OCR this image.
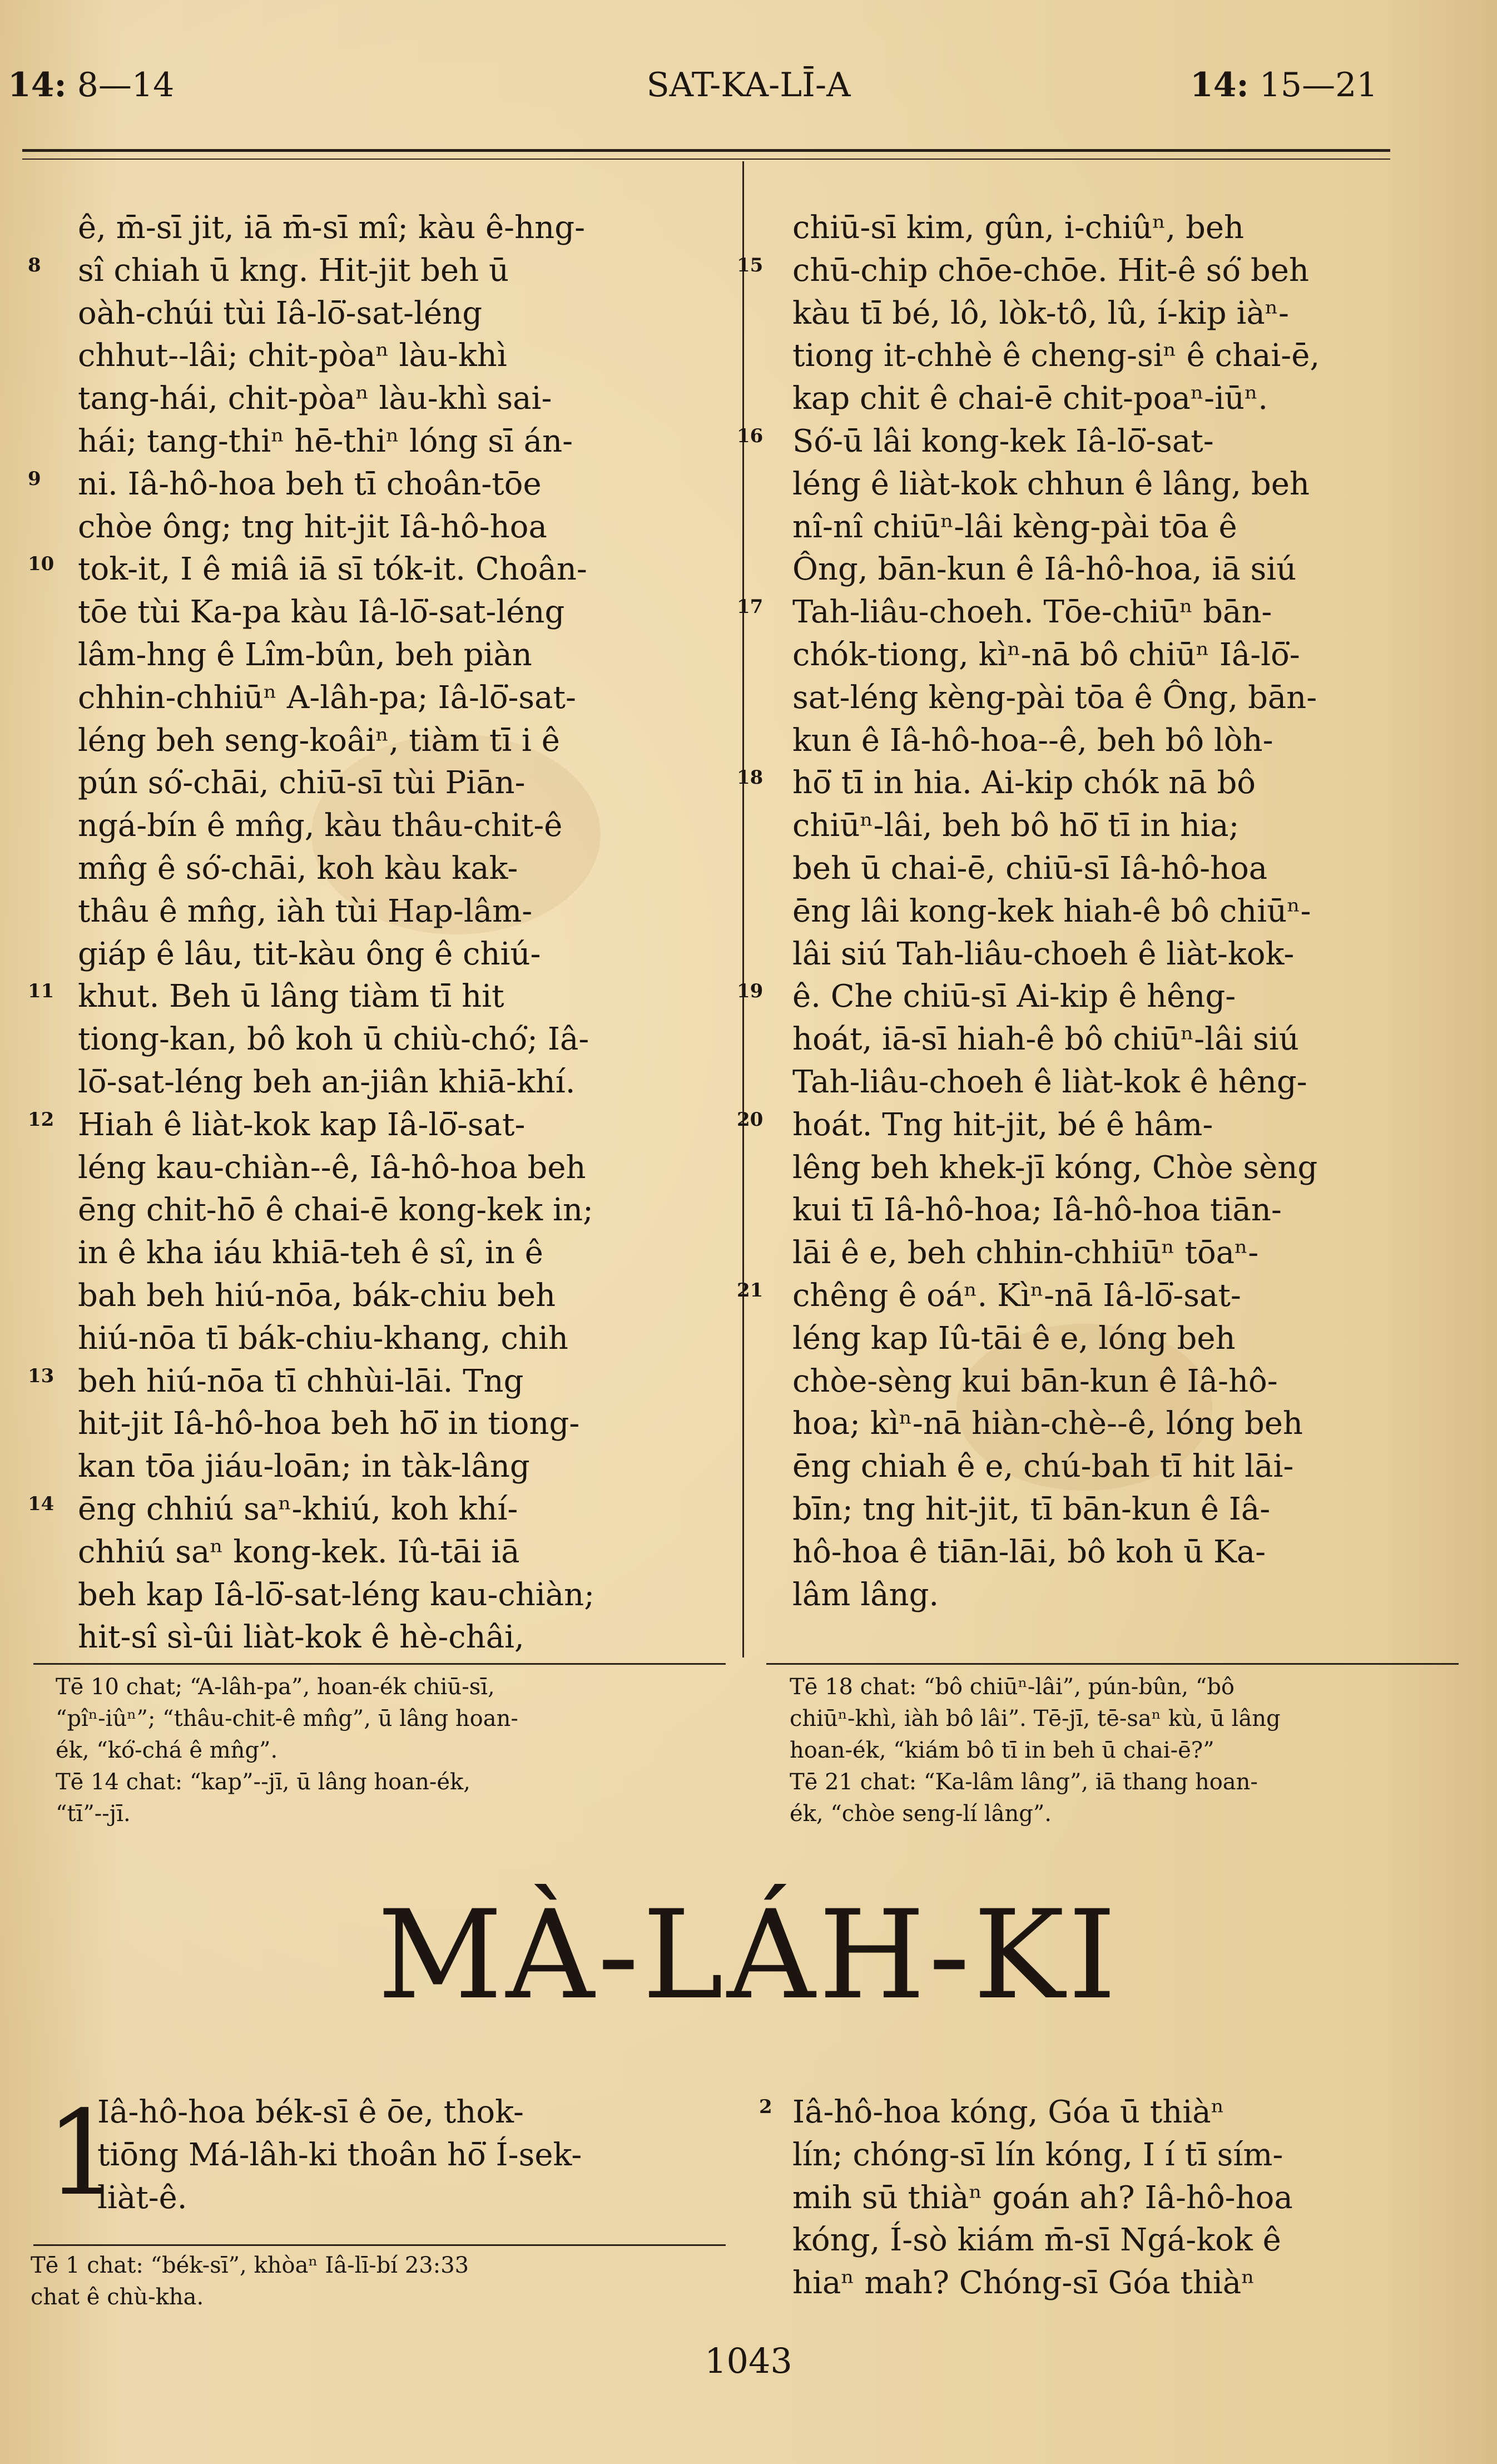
14: 8—14	SAT-KA-LĪ-A	14: 15—21
ê, m̄-sī jit, iā m̄-sī mî; kàu ê-hng-
sî chiah ū kng. Hit-jit beh ū
oàh-chúi tùi Iâ-lō͘-sat-léng
chhut--lâi; chit-pòaⁿ làu-khì
tang-hái, chit-pòaⁿ làu-khì sai-
hái; tang-thiⁿ hē-thiⁿ lóng sī án-
ni. Iâ-hô-hoa beh tī choân-tōe
chòe ông; tng hit-jit Iâ-hô-hoa
tok-it, I ê miâ iā sī tók-it. Choân-
tōe tùi Ka-pa kàu Iâ-lō͘-sat-léng
lâm-hng ê Lîm-bûn, beh piàn
chhin-chhiūⁿ A-lâh-pa; Iâ-lō͘-sat-
léng beh seng-koâiⁿ, tiàm tī i ê
pún só͘-chāi, chiū-sī tùi Piān-
ngá-bín ê mn̂g, kàu thâu-chit-ê
mn̂g ê só͘-chāi, koh kàu kak-
thâu ê mn̂g, iàh tùi Hap-lâm-
giáp ê lâu, tit-kàu ông ê chiú-
khut. Beh ū lâng tiàm tī hit
tiong-kan, bô koh ū chiù-chó͘; Iâ-
lō͘-sat-léng beh an-jiân khiā-khí.
Hiah ê liàt-kok kap Iâ-lō͘-sat-
léng kau-chiàn--ê, Iâ-hô-hoa beh
ēng chit-hō ê chai-ē kong-kek in;
in ê kha iáu khiā-teh ê sî, in ê
bah beh hiú-nōa, bák-chiu beh
hiú-nōa tī bák-chiu-khang, chih
beh hiú-nōa tī chhùi-lāi. Tng
hit-jit Iâ-hô-hoa beh hō͘ in tiong-
kan tōa jiáu-loān; in tàk-lâng
ēng chhiú saⁿ-khiú, koh khí-
chhiú saⁿ kong-kek. Iû-tāi iā
beh kap Iâ-lō͘-sat-léng kau-chiàn;
hit-sî sì-ûi liàt-kok ê hè-châi,
8
9
10
11
12
13
14
chiū-sī kim, gûn, i-chiûⁿ, beh
chū-chip chōe-chōe. Hit-ê só͘ beh
kàu tī bé, lô, lòk-tô, lû, í-kip iàⁿ-
tiong it-chhè ê cheng-siⁿ ê chai-ē,
kap chit ê chai-ē chit-poaⁿ-iūⁿ.
Só͘-ū lâi kong-kek Iâ-lō͘-sat-
léng ê liàt-kok chhun ê lâng, beh
nî-nî chiūⁿ-lâi kèng-pài tōa ê
Ông, bān-kun ê Iâ-hô-hoa, iā siú
Tah-liâu-choeh. Tōe-chiūⁿ bān-
chók-tiong, kìⁿ-nā bô chiūⁿ Iâ-lō͘-
sat-léng kèng-pài tōa ê Ông, bān-
kun ê Iâ-hô-hoa--ê, beh bô lòh-
hō͘ tī in hia. Ai-kip chók nā bô
chiūⁿ-lâi, beh bô hō͘ tī in hia;
beh ū chai-ē, chiū-sī Iâ-hô-hoa
ēng lâi kong-kek hiah-ê bô chiūⁿ-
lâi siú Tah-liâu-choeh ê liàt-kok-
ê. Che chiū-sī Ai-kip ê hêng-
hoát, iā-sī hiah-ê bô chiūⁿ-lâi siú
Tah-liâu-choeh ê liàt-kok ê hêng-
hoát. Tng hit-jit, bé ê hâm-
lêng beh khek-jī kóng, Chòe sèng
kui tī Iâ-hô-hoa; Iâ-hô-hoa tiān-
lāi ê e, beh chhin-chhiūⁿ tōaⁿ-
chêng ê oáⁿ. Kìⁿ-nā Iâ-lō͘-sat-
léng kap Iû-tāi ê e, lóng beh
chòe-sèng kui bān-kun ê Iâ-hô-
hoa; kìⁿ-nā hiàn-chè--ê, lóng beh
ēng chiah ê e, chú-bah tī hit lāi-
bīn; tng hit-jit, tī bān-kun ê Iâ-
hô-hoa ê tiān-lāi, bô koh ū Ka-
lâm lâng.
15
16
17
18
19
20
21
Tē 10 chat; “A-lâh-pa”, hoan-ék chiū-sī,
“pîⁿ-iûⁿ”; “thâu-chit-ê mn̂g”, ū lâng hoan-
ék, “kó͘-chá ê mn̂g”.
Tē 14 chat: “kap”--jī, ū lâng hoan-ék,
“tī”--jī.
Tē 18 chat: “bô chiūⁿ-lâi”, pún-bûn, “bô
chiūⁿ-khì, iàh bô lâi”. Tē-jī, tē-saⁿ kù, ū lâng
hoan-ék, “kiám bô tī in beh ū chai-ē?”
Tē 21 chat: “Ka-lâm lâng”, iā thang hoan-
ék, “chòe seng-lí lâng”.
MÀ-LÁH-KI
1
Iâ-hô-hoa bék-sī ê ōe, thok-
tiōng Má-lâh-ki thoân hō͘ Í-sek-
liàt-ê.
Tē 1 chat: “bék-sī”, khòaⁿ Iâ-lī-bí 23:33
chat ê chù-kha.
2 Iâ-hô-hoa kóng, Góa ū thiàⁿ
lín; chóng-sī lín kóng, I í tī sím-
mih sū thiàⁿ goán ah? Iâ-hô-hoa
kóng, Í-sò kiám m̄-sī Ngá-kok ê
hiaⁿ mah? Chóng-sī Góa thiàⁿ
1043
